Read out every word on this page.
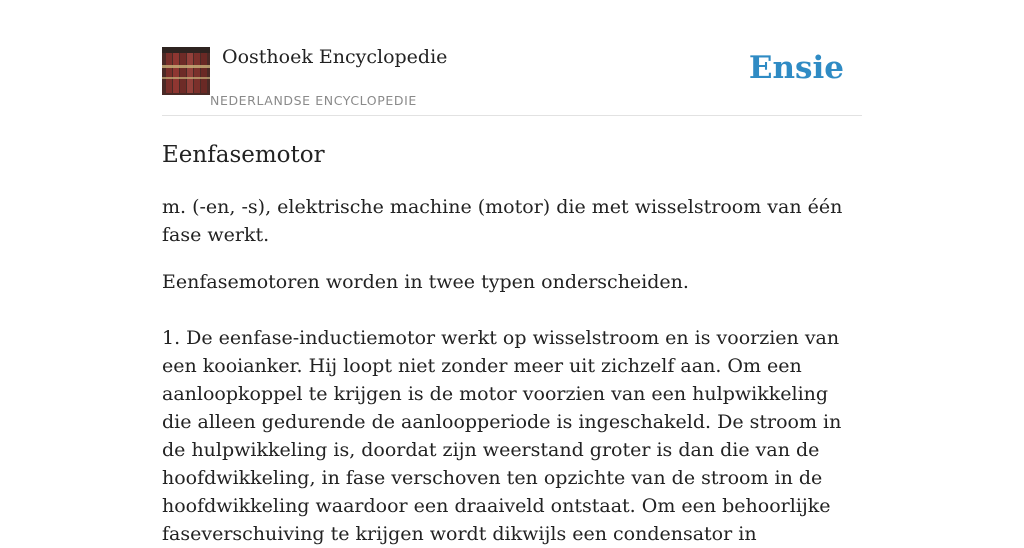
Oosthoek Encyclopedie
NEDERLANDSE ENCYCLOPEDIE
Ensie
Eenfasemotor

m. (-en, -s), elektrische machine (motor) die met wisselstroom van één fase werkt.

Eenfasemotoren worden in twee typen onderscheiden.

1. De eenfase-inductiemotor werkt op wisselstroom en is voorzien van een kooianker. Hij loopt niet zonder meer uit zichzelf aan. Om een aanloopkoppel te krijgen is de motor voorzien van een hulpwikkeling die alleen gedurende de aanloopperiode is ingeschakeld. De stroom in de hulpwikkeling is, doordat zijn weerstand groter is dan die van de hoofdwikkeling, in fase verschoven ten opzichte van de stroom in de hoofdwikkeling waardoor een draaiveld ontstaat. Om een behoorlijke faseverschuiving te krijgen wordt dikwijls een condensator in
